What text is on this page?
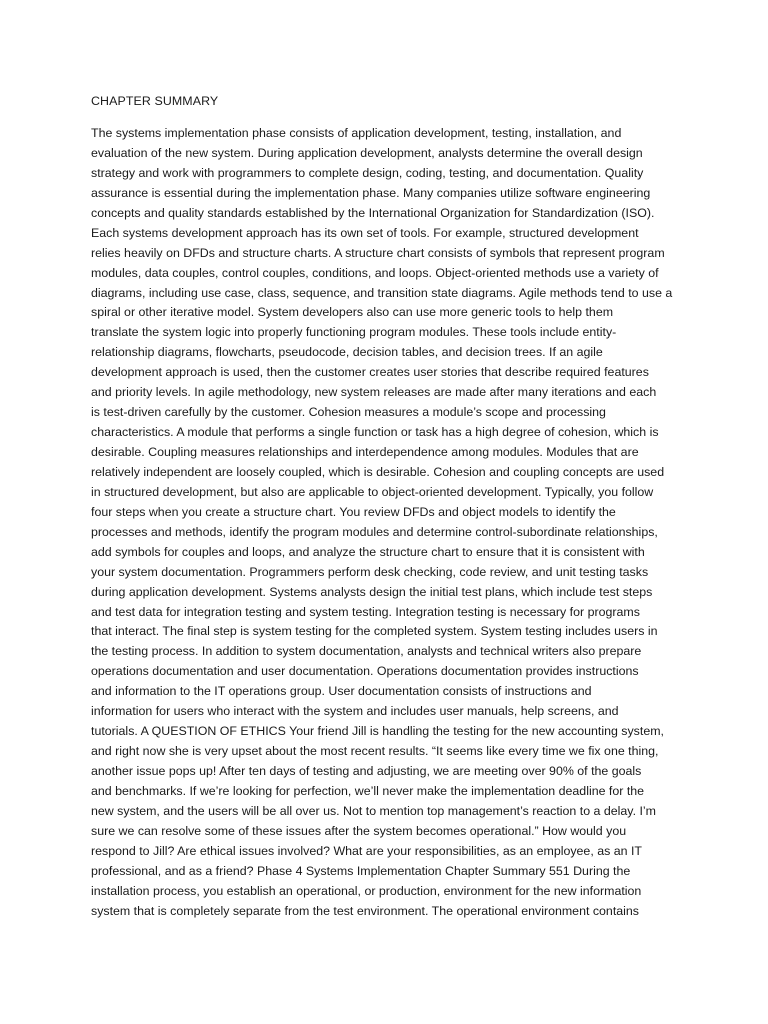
CHAPTER SUMMARY
The systems implementation phase consists of application development, testing, installation, and
evaluation of the new system. During application development, analysts determine the overall design
strategy and work with programmers to complete design, coding, testing, and documentation. Quality
assurance is essential during the implementation phase. Many companies utilize software engineering
concepts and quality standards established by the International Organization for Standardization (ISO).
Each systems development approach has its own set of tools. For example, structured development
relies heavily on DFDs and structure charts. A structure chart consists of symbols that represent program
modules, data couples, control couples, conditions, and loops. Object-oriented methods use a variety of
diagrams, including use case, class, sequence, and transition state diagrams. Agile methods tend to use a
spiral or other iterative model. System developers also can use more generic tools to help them
translate the system logic into properly functioning program modules. These tools include entity-
relationship diagrams, flowcharts, pseudocode, decision tables, and decision trees. If an agile
development approach is used, then the customer creates user stories that describe required features
and priority levels. In agile methodology, new system releases are made after many iterations and each
is test-driven carefully by the customer. Cohesion measures a module’s scope and processing
characteristics. A module that performs a single function or task has a high degree of cohesion, which is
desirable. Coupling measures relationships and interdependence among modules. Modules that are
relatively independent are loosely coupled, which is desirable. Cohesion and coupling concepts are used
in structured development, but also are applicable to object-oriented development. Typically, you follow
four steps when you create a structure chart. You review DFDs and object models to identify the
processes and methods, identify the program modules and determine control-subordinate relationships,
add symbols for couples and loops, and analyze the structure chart to ensure that it is consistent with
your system documentation. Programmers perform desk checking, code review, and unit testing tasks
during application development. Systems analysts design the initial test plans, which include test steps
and test data for integration testing and system testing. Integration testing is necessary for programs
that interact. The final step is system testing for the completed system. System testing includes users in
the testing process. In addition to system documentation, analysts and technical writers also prepare
operations documentation and user documentation. Operations documentation provides instructions
and information to the IT operations group. User documentation consists of instructions and
information for users who interact with the system and includes user manuals, help screens, and
tutorials. A QUESTION OF ETHICS Your friend Jill is handling the testing for the new accounting system,
and right now she is very upset about the most recent results. “It seems like every time we fix one thing,
another issue pops up! After ten days of testing and adjusting, we are meeting over 90% of the goals
and benchmarks. If we’re looking for perfection, we’ll never make the implementation deadline for the
new system, and the users will be all over us. Not to mention top management’s reaction to a delay. I’m
sure we can resolve some of these issues after the system becomes operational.” How would you
respond to Jill? Are ethical issues involved? What are your responsibilities, as an employee, as an IT
professional, and as a friend? Phase 4 Systems Implementation Chapter Summary 551 During the
installation process, you establish an operational, or production, environment for the new information
system that is completely separate from the test environment. The operational environment contains
